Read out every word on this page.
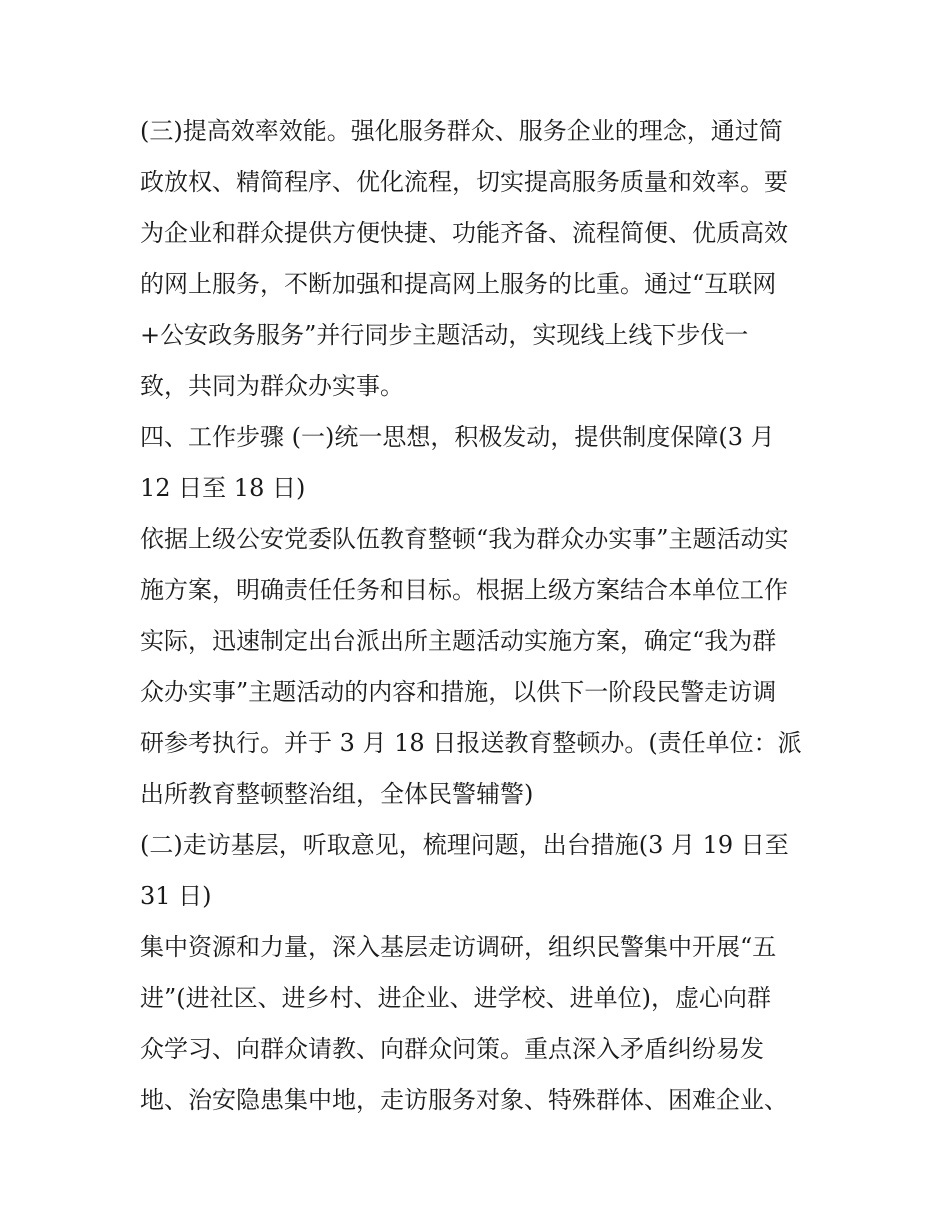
(三)提高效率效能。强化服务群众、服务企业的理念，通过简
政放权、精简程序、优化流程，切实提高服务质量和效率。要
为企业和群众提供方便快捷、功能齐备、流程简便、优质高效
的网上服务，不断加强和提高网上服务的比重。通过“互联网
+公安政务服务”并行同步主题活动，实现线上线下步伐一
致，共同为群众办实事。
四、工作步骤 (一)统一思想，积极发动，提供制度保障(3 月
12 日至 18 日)
依据上级公安党委队伍教育整顿“我为群众办实事”主题活动实
施方案，明确责任任务和目标。根据上级方案结合本单位工作
实际，迅速制定出台派出所主题活动实施方案，确定“我为群
众办实事”主题活动的内容和措施，以供下一阶段民警走访调
研参考执行。并于 3 月 18 日报送教育整顿办。(责任单位：派
出所教育整顿整治组，全体民警辅警)
(二)走访基层，听取意见，梳理问题，出台措施(3 月 19 日至
31 日)
集中资源和力量，深入基层走访调研，组织民警集中开展“五
进”(进社区、进乡村、进企业、进学校、进单位)，虚心向群
众学习、向群众请教、向群众问策。重点深入矛盾纠纷易发
地、治安隐患集中地，走访服务对象、特殊群体、困难企业、
